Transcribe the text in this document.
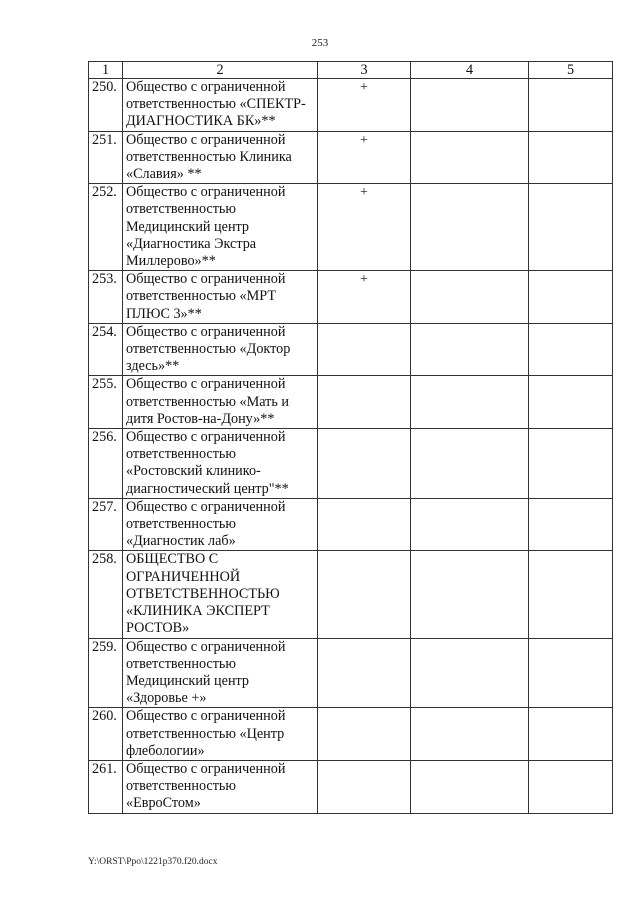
253
1	2	3	4	5
250.	Общество с ограниченной ответственностью «СПЕКТР-ДИАГНОСТИКА БК»**	+		
251.	Общество с ограниченной ответственностью Клиника «Славия» **	+		
252.	Общество с ограниченной ответственностью Медицинский центр «Диагностика Экстра Миллерово»**	+		
253.	Общество с ограниченной ответственностью «МРТ ПЛЮС 3»**	+		
254.	Общество с ограниченной ответственностью «Доктор здесь»**			
255.	Общество с ограниченной ответственностью «Мать и дитя Ростов-на-Дону»**			
256.	Общество с ограниченной ответственностью «Ростовский клинико-диагностический центр"**			
257.	Общество с ограниченной ответственностью «Диагностик лаб»			
258.	ОБЩЕСТВО С ОГРАНИЧЕННОЙ ОТВЕТСТВЕННОСТЬЮ «КЛИНИКА ЭКСПЕРТ РОСТОВ»			
259.	Общество с ограниченной ответственностью Медицинский центр «Здоровье +»			
260.	Общество с ограниченной ответственностью «Центр флебологии»			
261.	Общество с ограниченной ответственностью «ЕвроСтом»			
Y:\ORST\Ppo\1221p370.f20.docx
